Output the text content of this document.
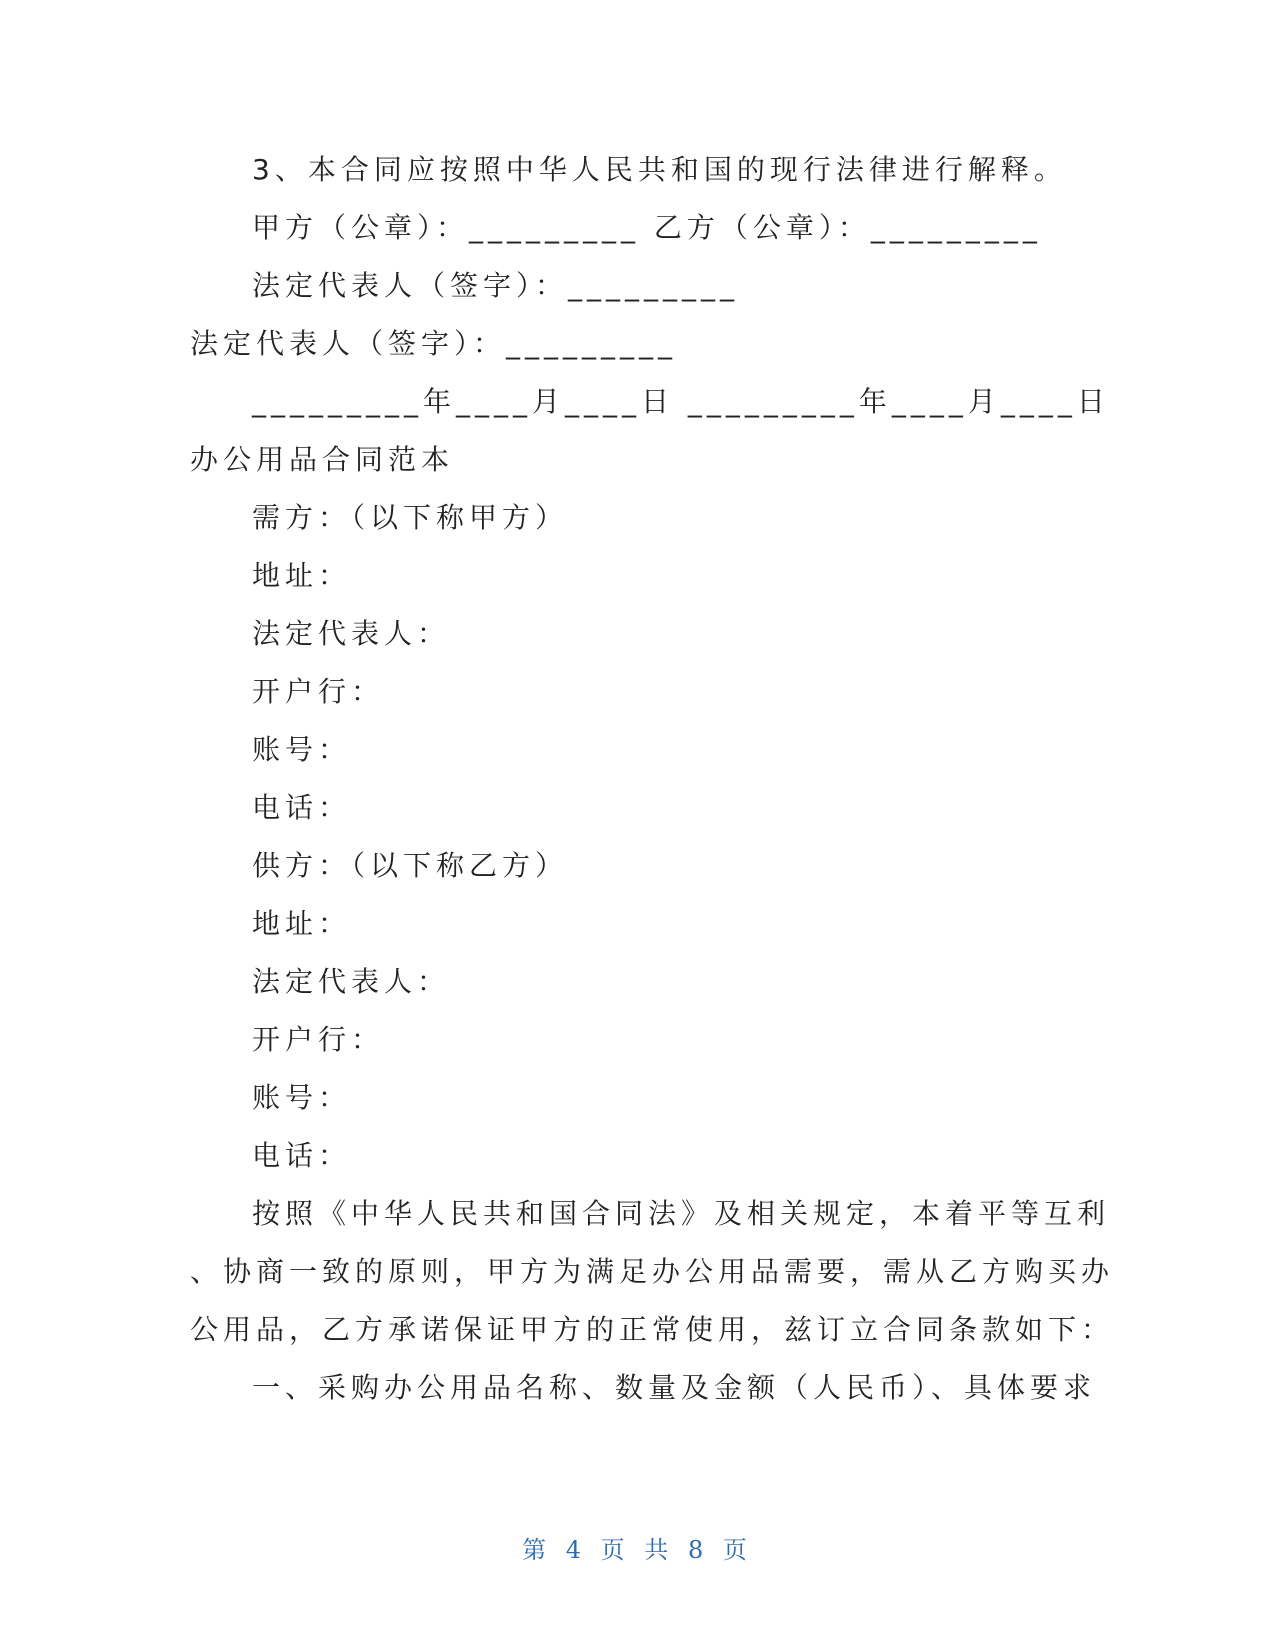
3、本合同应按照中华人民共和国的现行法律进行解释。
甲方（公章）：_________ 乙方（公章）：_________
法定代表人（签字）：_________
法定代表人（签字）：_________
_________年____月____日 _________年____月____日
办公用品合同范本
需方：（以下称甲方）
地址：
法定代表人：
开户行：
账号：
电话：
供方：（以下称乙方）
地址：
法定代表人：
开户行：
账号：
电话：
按照《中华人民共和国合同法》及相关规定，本着平等互利
、协商一致的原则，甲方为满足办公用品需要，需从乙方购买办
公用品，乙方承诺保证甲方的正常使用，兹订立合同条款如下：
一、采购办公用品名称、数量及金额（人民币）、具体要求
第 4 页 共 8 页
